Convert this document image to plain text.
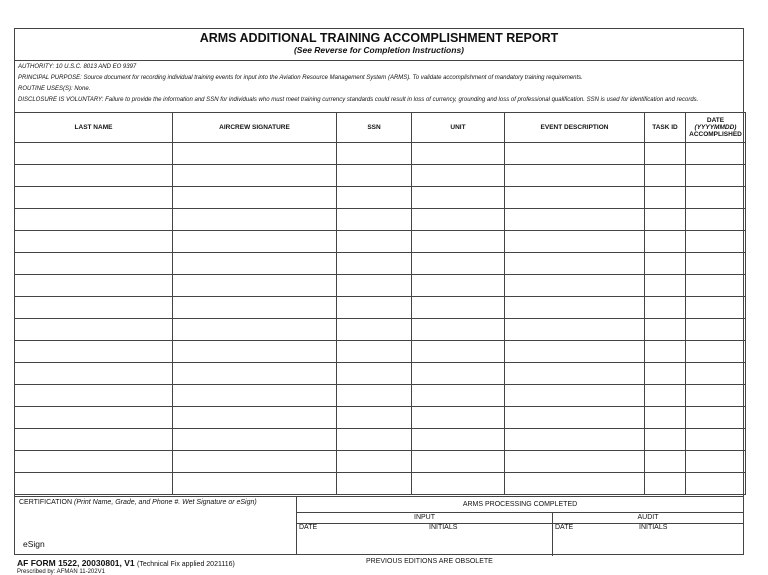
ARMS ADDITIONAL TRAINING ACCOMPLISHMENT REPORT
(See Reverse for Completion Instructions)
AUTHORITY: 10 U.S.C. 8013 AND EO 9397
PRINCIPAL PURPOSE: Source document for recording individual training events for input into the Aviation Resource Management System (ARMS). To validate accomplishment of mandatory training requirements.
ROUTINE USES(S): None.
DISCLOSURE IS VOLUNTARY: Failure to provide the information and SSN for individuals who must meet training currency standards could result in loss of currency, grounding and loss of professional qualification. SSN is used for identification and records.
LAST NAME	AIRCREW SIGNATURE	SSN	UNIT	EVENT DESCRIPTION	TASK ID	DATE
(YYYYMMDD)
ACCOMPLISHED

CERTIFICATION (Print Name, Grade, and Phone #. Wet Signature or eSign)
eSign
ARMS PROCESSING COMPLETED
INPUT
DATE	INITIALS
AUDIT
DATE	INITIALS
AF FORM 1522, 20030801, V1 (Technical Fix applied 2021116)	PREVIOUS EDITIONS ARE OBSOLETE
Prescribed by: AFMAN 11-202V1
